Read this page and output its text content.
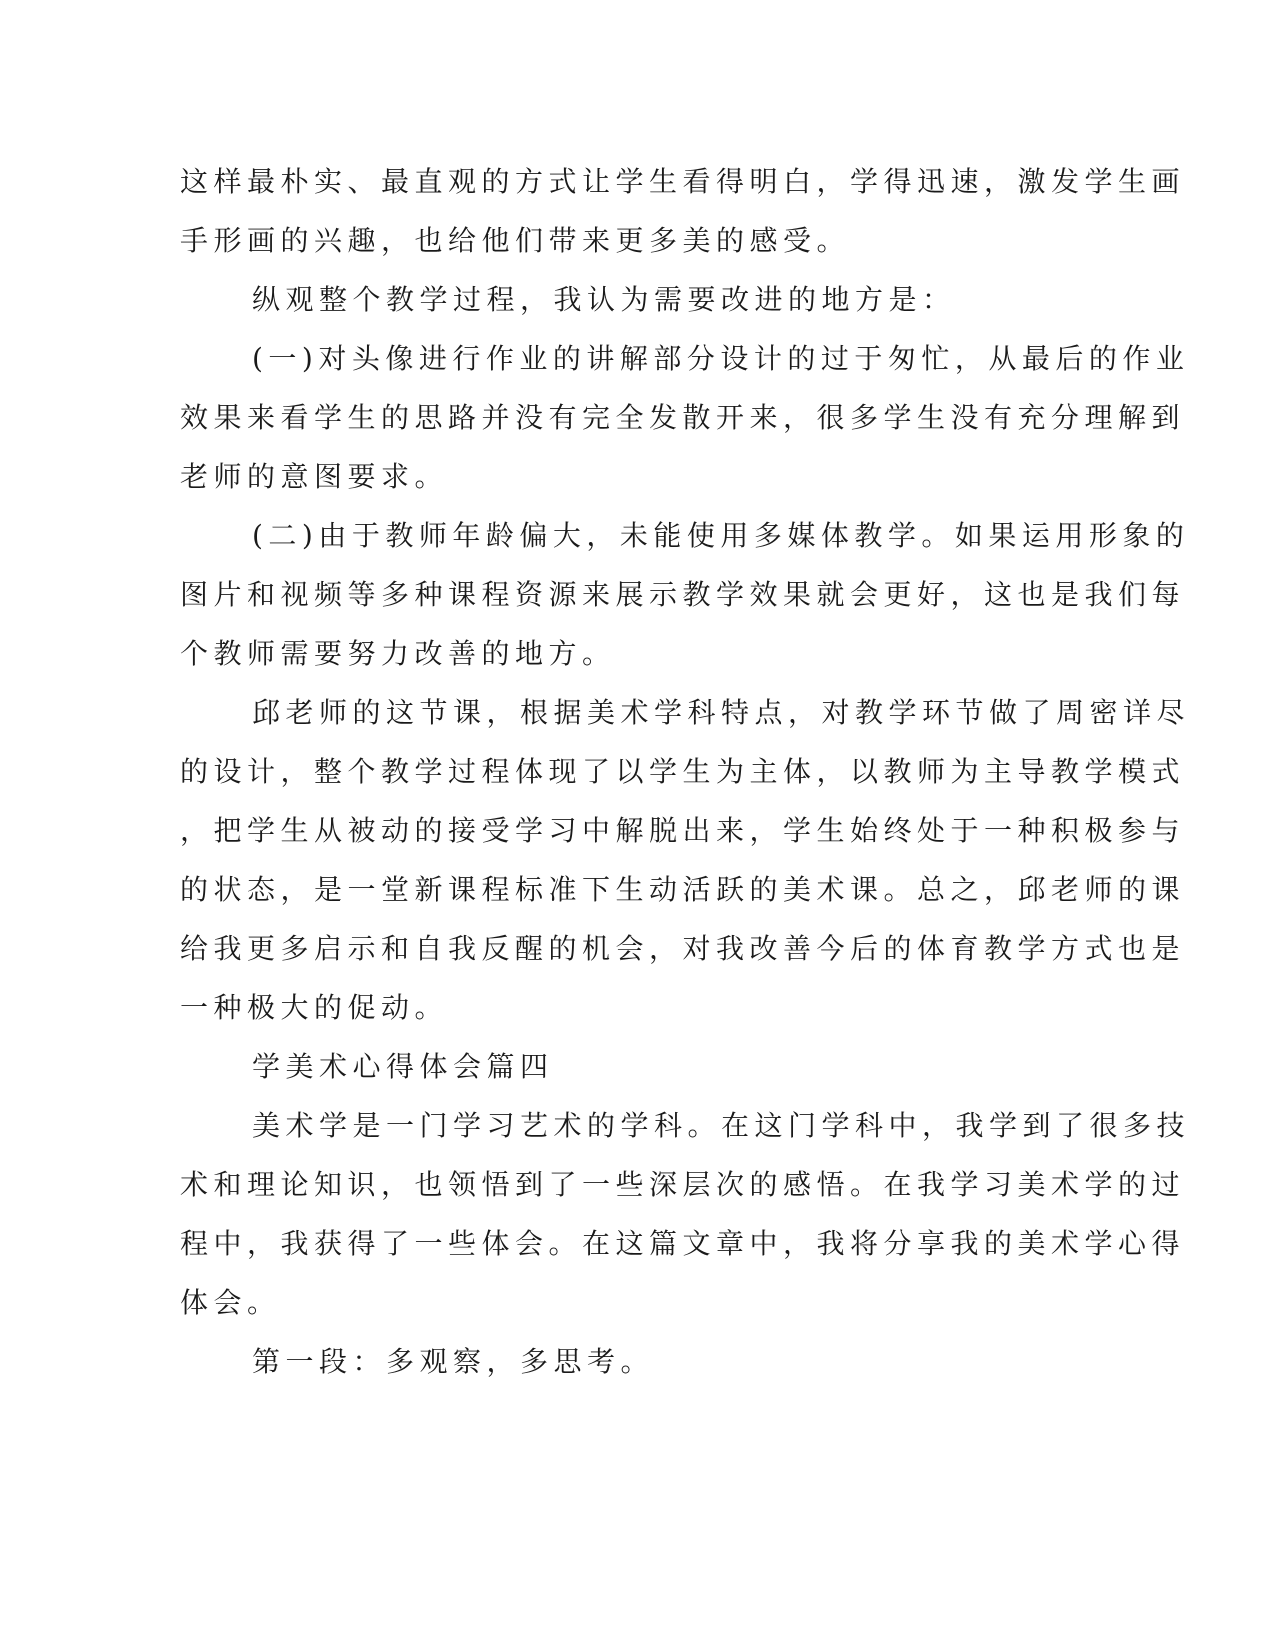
这样最朴实、最直观的方式让学生看得明白，学得迅速，激发学生画
手形画的兴趣，也给他们带来更多美的感受。
纵观整个教学过程，我认为需要改进的地方是：
(一)对头像进行作业的讲解部分设计的过于匆忙，从最后的作业
效果来看学生的思路并没有完全发散开来，很多学生没有充分理解到
老师的意图要求。
(二)由于教师年龄偏大，未能使用多媒体教学。如果运用形象的
图片和视频等多种课程资源来展示教学效果就会更好，这也是我们每
个教师需要努力改善的地方。
邱老师的这节课，根据美术学科特点，对教学环节做了周密详尽
的设计，整个教学过程体现了以学生为主体，以教师为主导教学模式
，把学生从被动的接受学习中解脱出来，学生始终处于一种积极参与
的状态，是一堂新课程标准下生动活跃的美术课。总之，邱老师的课
给我更多启示和自我反醒的机会，对我改善今后的体育教学方式也是
一种极大的促动。
学美术心得体会篇四
美术学是一门学习艺术的学科。在这门学科中，我学到了很多技
术和理论知识，也领悟到了一些深层次的感悟。在我学习美术学的过
程中，我获得了一些体会。在这篇文章中，我将分享我的美术学心得
体会。
第一段：多观察，多思考。
